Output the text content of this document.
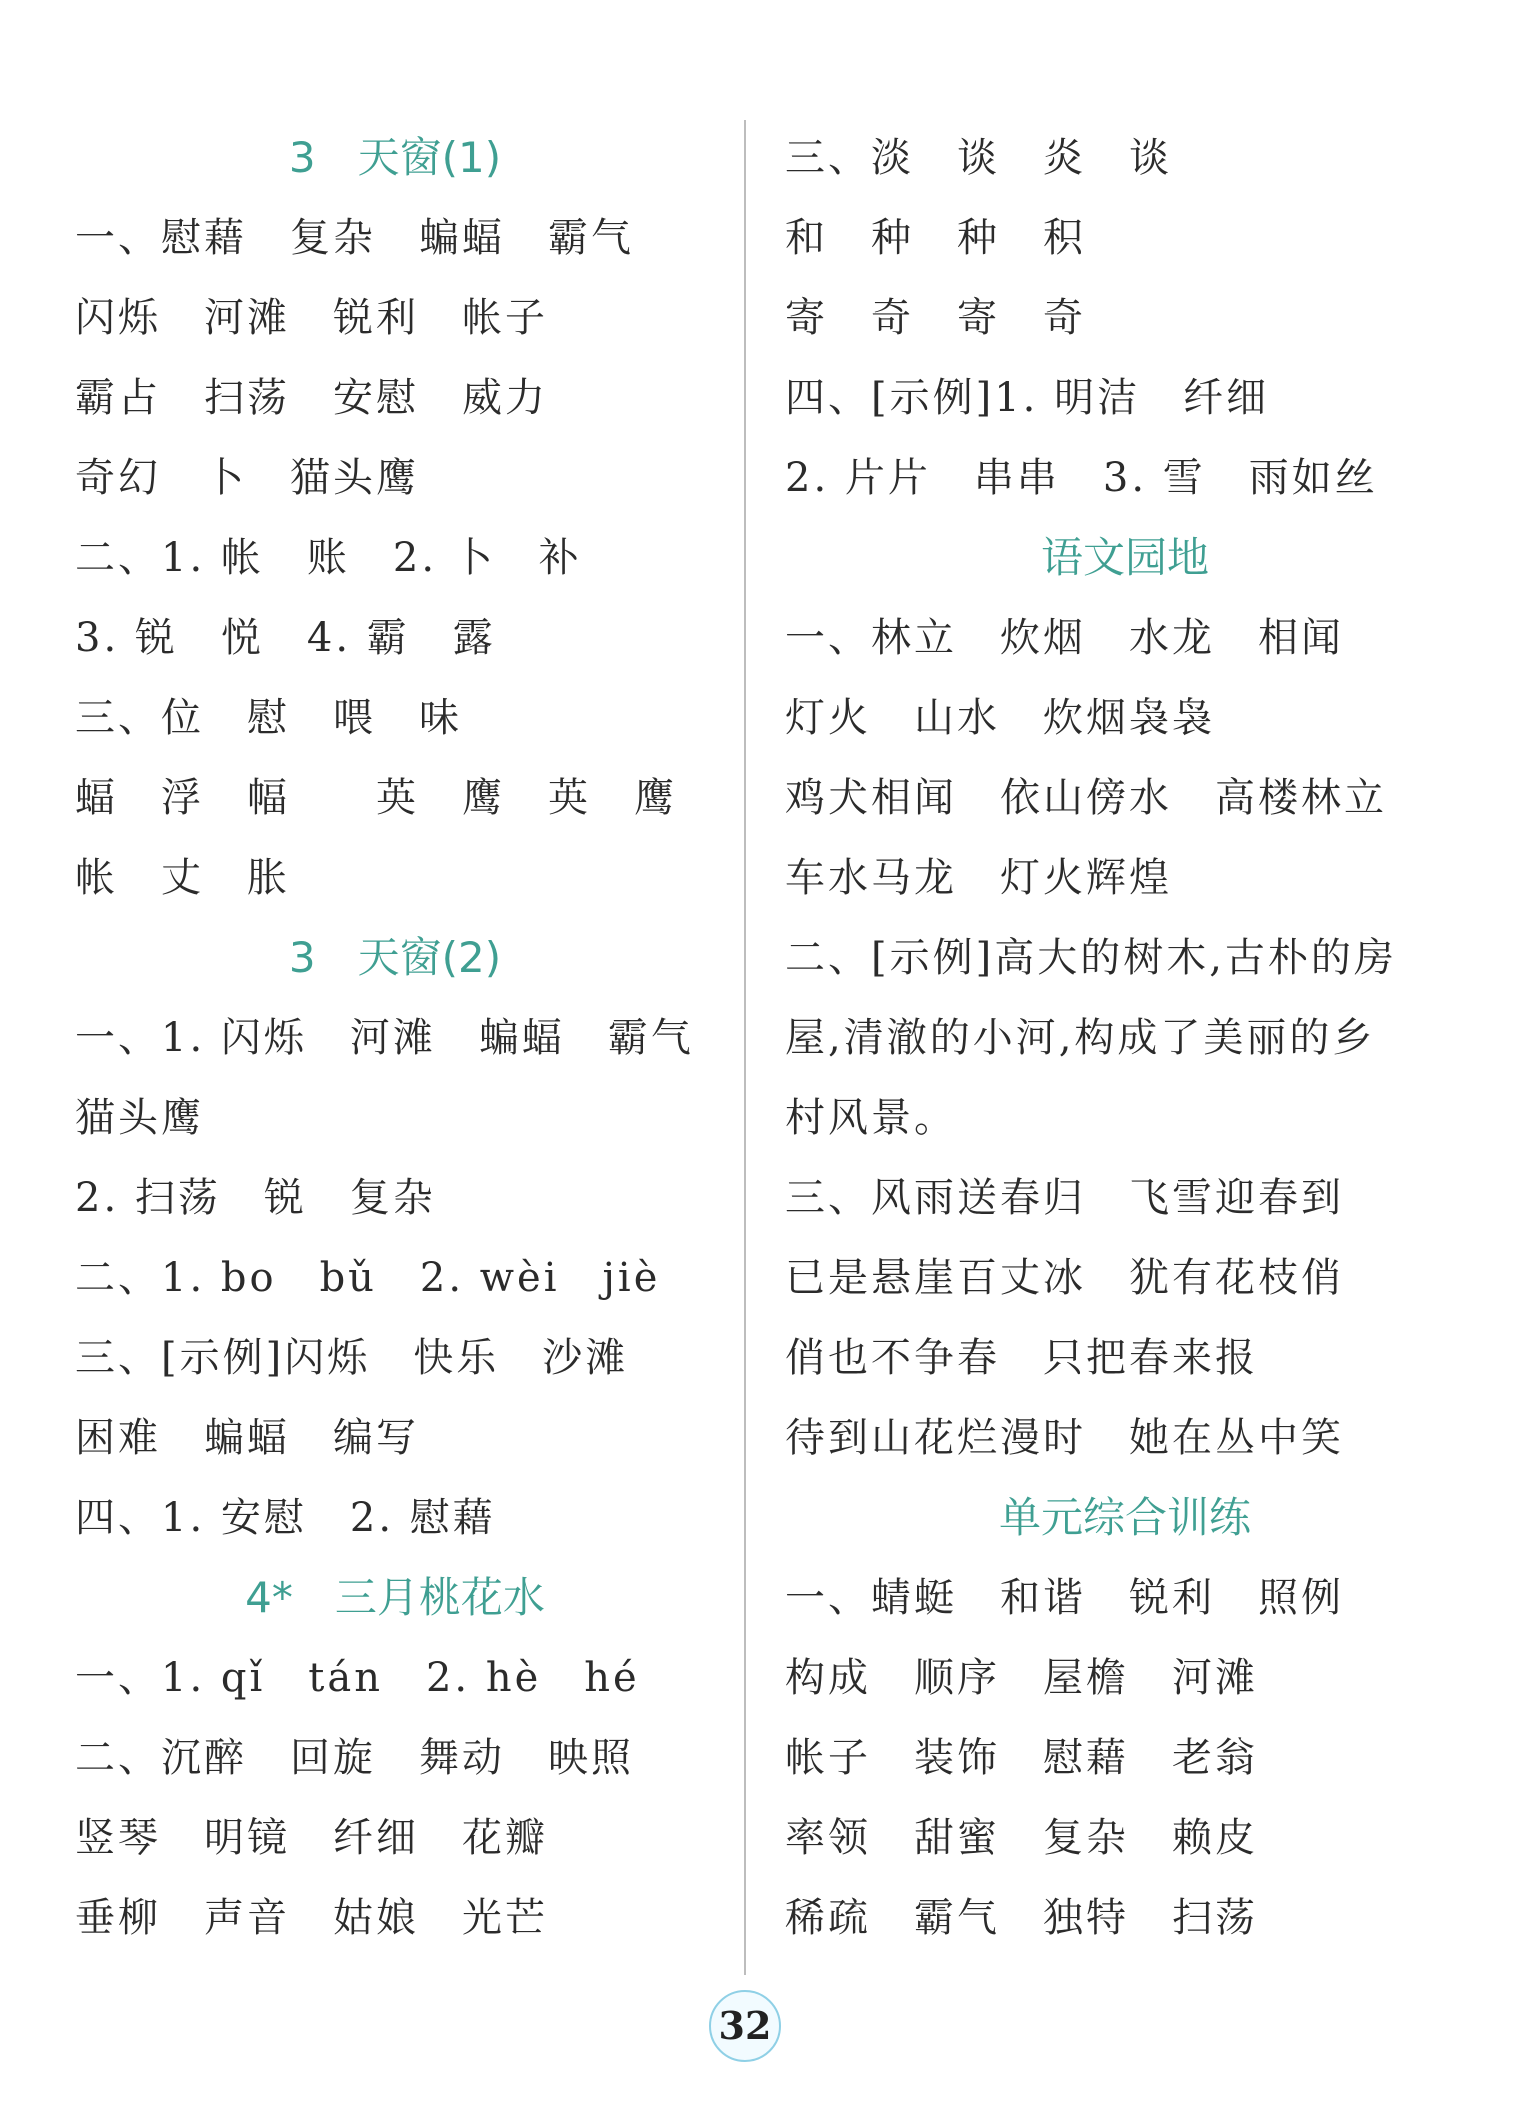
3　天窗(1)
一、慰藉　复杂　蝙蝠　霸气
闪烁　河滩　锐利　帐子
霸占　扫荡　安慰　威力
奇幻　卜　猫头鹰
二、1. 帐　账　2. 卜　补
3. 锐　悦　4. 霸　露
三、位　慰　喂　味
蝠　浮　幅　　英　鹰　英　鹰
帐　丈　胀
3　天窗(2)
一、1. 闪烁　河滩　蝙蝠　霸气
猫头鹰
2. 扫荡　锐　复杂
二、1. bo　bǔ　2. wèi　jiè
三、[示例]闪烁　快乐　沙滩
困难　蝙蝠　编写
四、1. 安慰　2. 慰藉
4*　三月桃花水
一、1. qǐ　tán　2. hè　hé
二、沉醉　回旋　舞动　映照
竖琴　明镜　纤细　花瓣
垂柳　声音　姑娘　光芒
三、淡　谈　炎　谈
和　种　种　积
寄　奇　寄　奇
四、[示例]1. 明洁　纤细
2. 片片　串串　3. 雪　雨如丝
语文园地
一、林立　炊烟　水龙　相闻
灯火　山水　炊烟袅袅
鸡犬相闻　依山傍水　高楼林立
车水马龙　灯火辉煌
二、[示例]高大的树木,古朴的房
屋,清澈的小河,构成了美丽的乡
村风景。
三、风雨送春归　飞雪迎春到
已是悬崖百丈冰　犹有花枝俏
俏也不争春　只把春来报
待到山花烂漫时　她在丛中笑
单元综合训练
一、蜻蜓　和谐　锐利　照例
构成　顺序　屋檐　河滩
帐子　装饰　慰藉　老翁
率领　甜蜜　复杂　赖皮
稀疏　霸气　独特　扫荡
32
